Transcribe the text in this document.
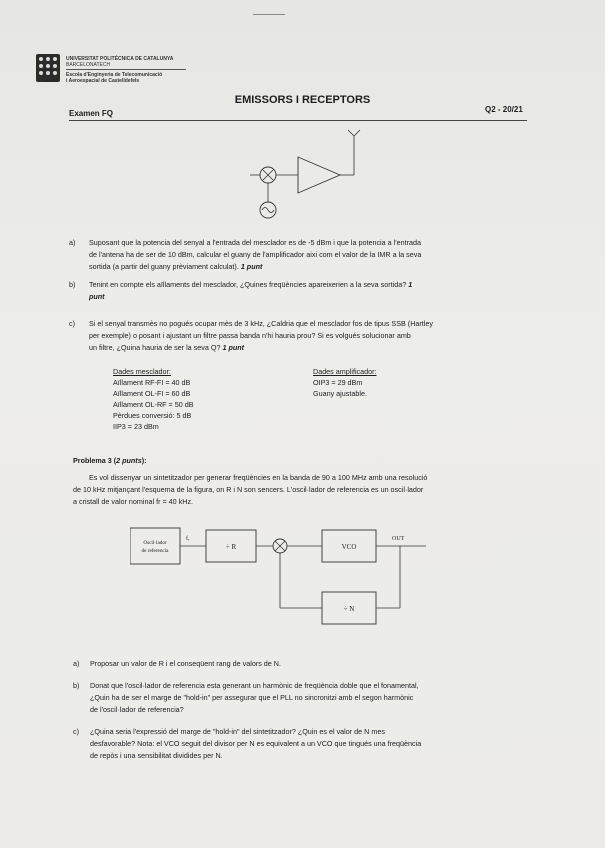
UPC
UNIVERSITAT POLITÈCNICA DE CATALUNYA
BARCELONATECH
Escola d'Enginyeria de Telecomunicació
i Aeroespacial de Castelldefels
EMISSORS I RECEPTORS
Examen FQ	Q2 - 20/21
a) Suposant que la potencia del senyal a l'entrada del mesclador es de -5 dBm i que la potencia a l'entrada
de l'antena ha de ser de 10 dBm, calcular el guany de l'amplificador aixi com el valor de la IMR a la seva
sortida (a partir del guany prèviament calculat). 1 punt
b) Tenint en compte els aïllaments del mesclador, ¿Quines freqüències apareixerien a la seva sortida? 1
punt
c) Si el senyal transmès no pogués ocupar mès de 3 kHz, ¿Caldria que el mesclador fos de tipus SSB (Hartley
per exemple) o posant i ajustant un filtre passa banda n'hi hauria prou? Si es volgués solucionar amb
un filtre, ¿Quina hauria de ser la seva Q? 1 punt
Dades mesclador:
Aïllament RF-FI = 40 dB
Aïllament OL-FI = 60 dB
Aïllament OL-RF = 50 dB
Pèrdues conversió: 5 dB
IIP3 = 23 dBm
Dades amplificador:
OIP3 = 29 dBm
Guany ajustable.
Problema 3 (2 punts):
Es vol dissenyar un sintetitzador per generar freqüències en la banda de 90 a 100 MHz amb una resolució
de 10 kHz mitjançant l'esquema de la figura, on R i N son sencers. L'oscil·lador de referencia es un oscil·lador
a cristall de valor nominal fr = 40 kHz.
Oscil·lador
de referencia
fᵣ
÷ R	VCO
OUT
÷ N
a) Proposar un valor de R i el conseqüent rang de valors de N.
b) Donat que l'oscil·lador de referencia esta generant un harmònic de freqüència doble que el fonamental,
¿Quin ha de ser el marge de "hold-in" per assegurar que el PLL no sincronitzi amb el segon harmònic
de l'oscil·lador de referencia?
c) ¿Quina seria l'expressió del marge de "hold-in" del sintetitzador? ¿Quin es el valor de N mes
desfavorable? Nota: el VCO seguit del divisor per N es equivalent a un VCO que tingués una freqüència
de repòs i una sensibilitat dividides per N.
